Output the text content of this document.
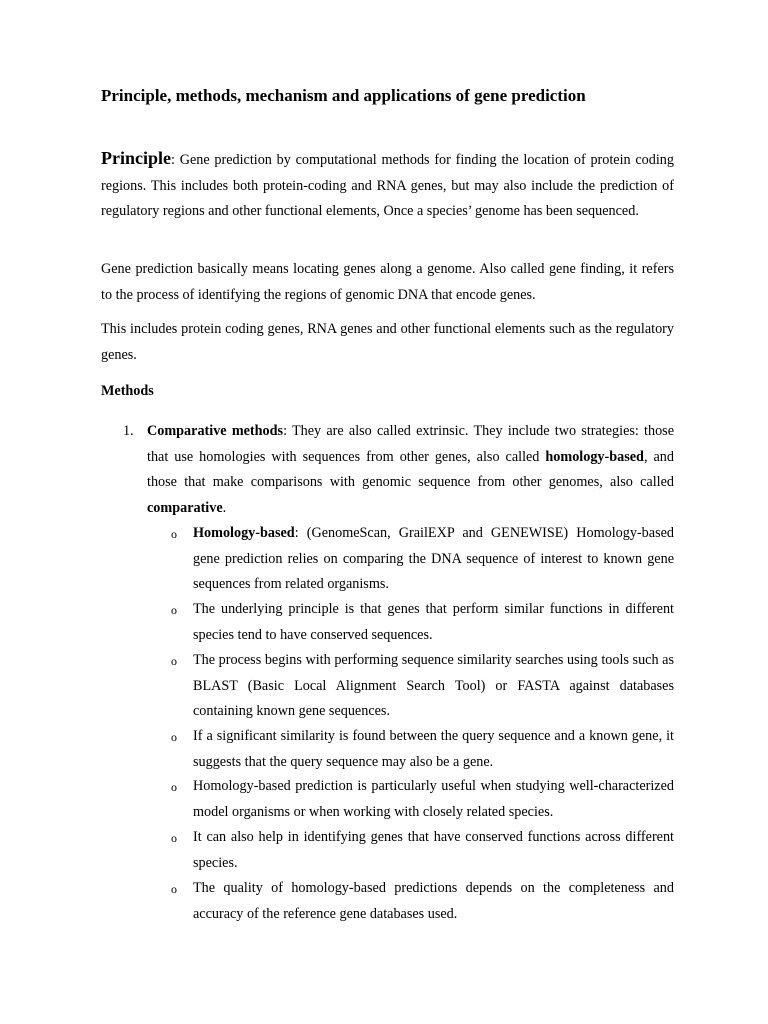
Principle, methods, mechanism and applications of gene prediction

Principle: Gene prediction by computational methods for finding the location of protein coding regions. This includes both protein-coding and RNA genes, but may also include the prediction of regulatory regions and other functional elements, Once a species’ genome has been sequenced.

Gene prediction basically means locating genes along a genome. Also called gene finding, it refers to the process of identifying the regions of genomic DNA that encode genes.

This includes protein coding genes, RNA genes and other functional elements such as the regulatory genes.

Methods

1. Comparative methods: They are also called extrinsic. They include two strategies: those that use homologies with sequences from other genes, also called homology-based, and those that make comparisons with genomic sequence from other genomes, also called comparative.

o Homology-based: (GenomeScan, GrailEXP and GENEWISE) Homology-based gene prediction relies on comparing the DNA sequence of interest to known gene sequences from related organisms.

o The underlying principle is that genes that perform similar functions in different species tend to have conserved sequences.

o The process begins with performing sequence similarity searches using tools such as BLAST (Basic Local Alignment Search Tool) or FASTA against databases containing known gene sequences.

o If a significant similarity is found between the query sequence and a known gene, it suggests that the query sequence may also be a gene.

o Homology-based prediction is particularly useful when studying well-characterized model organisms or when working with closely related species.

o It can also help in identifying genes that have conserved functions across different species.

o The quality of homology-based predictions depends on the completeness and accuracy of the reference gene databases used.
